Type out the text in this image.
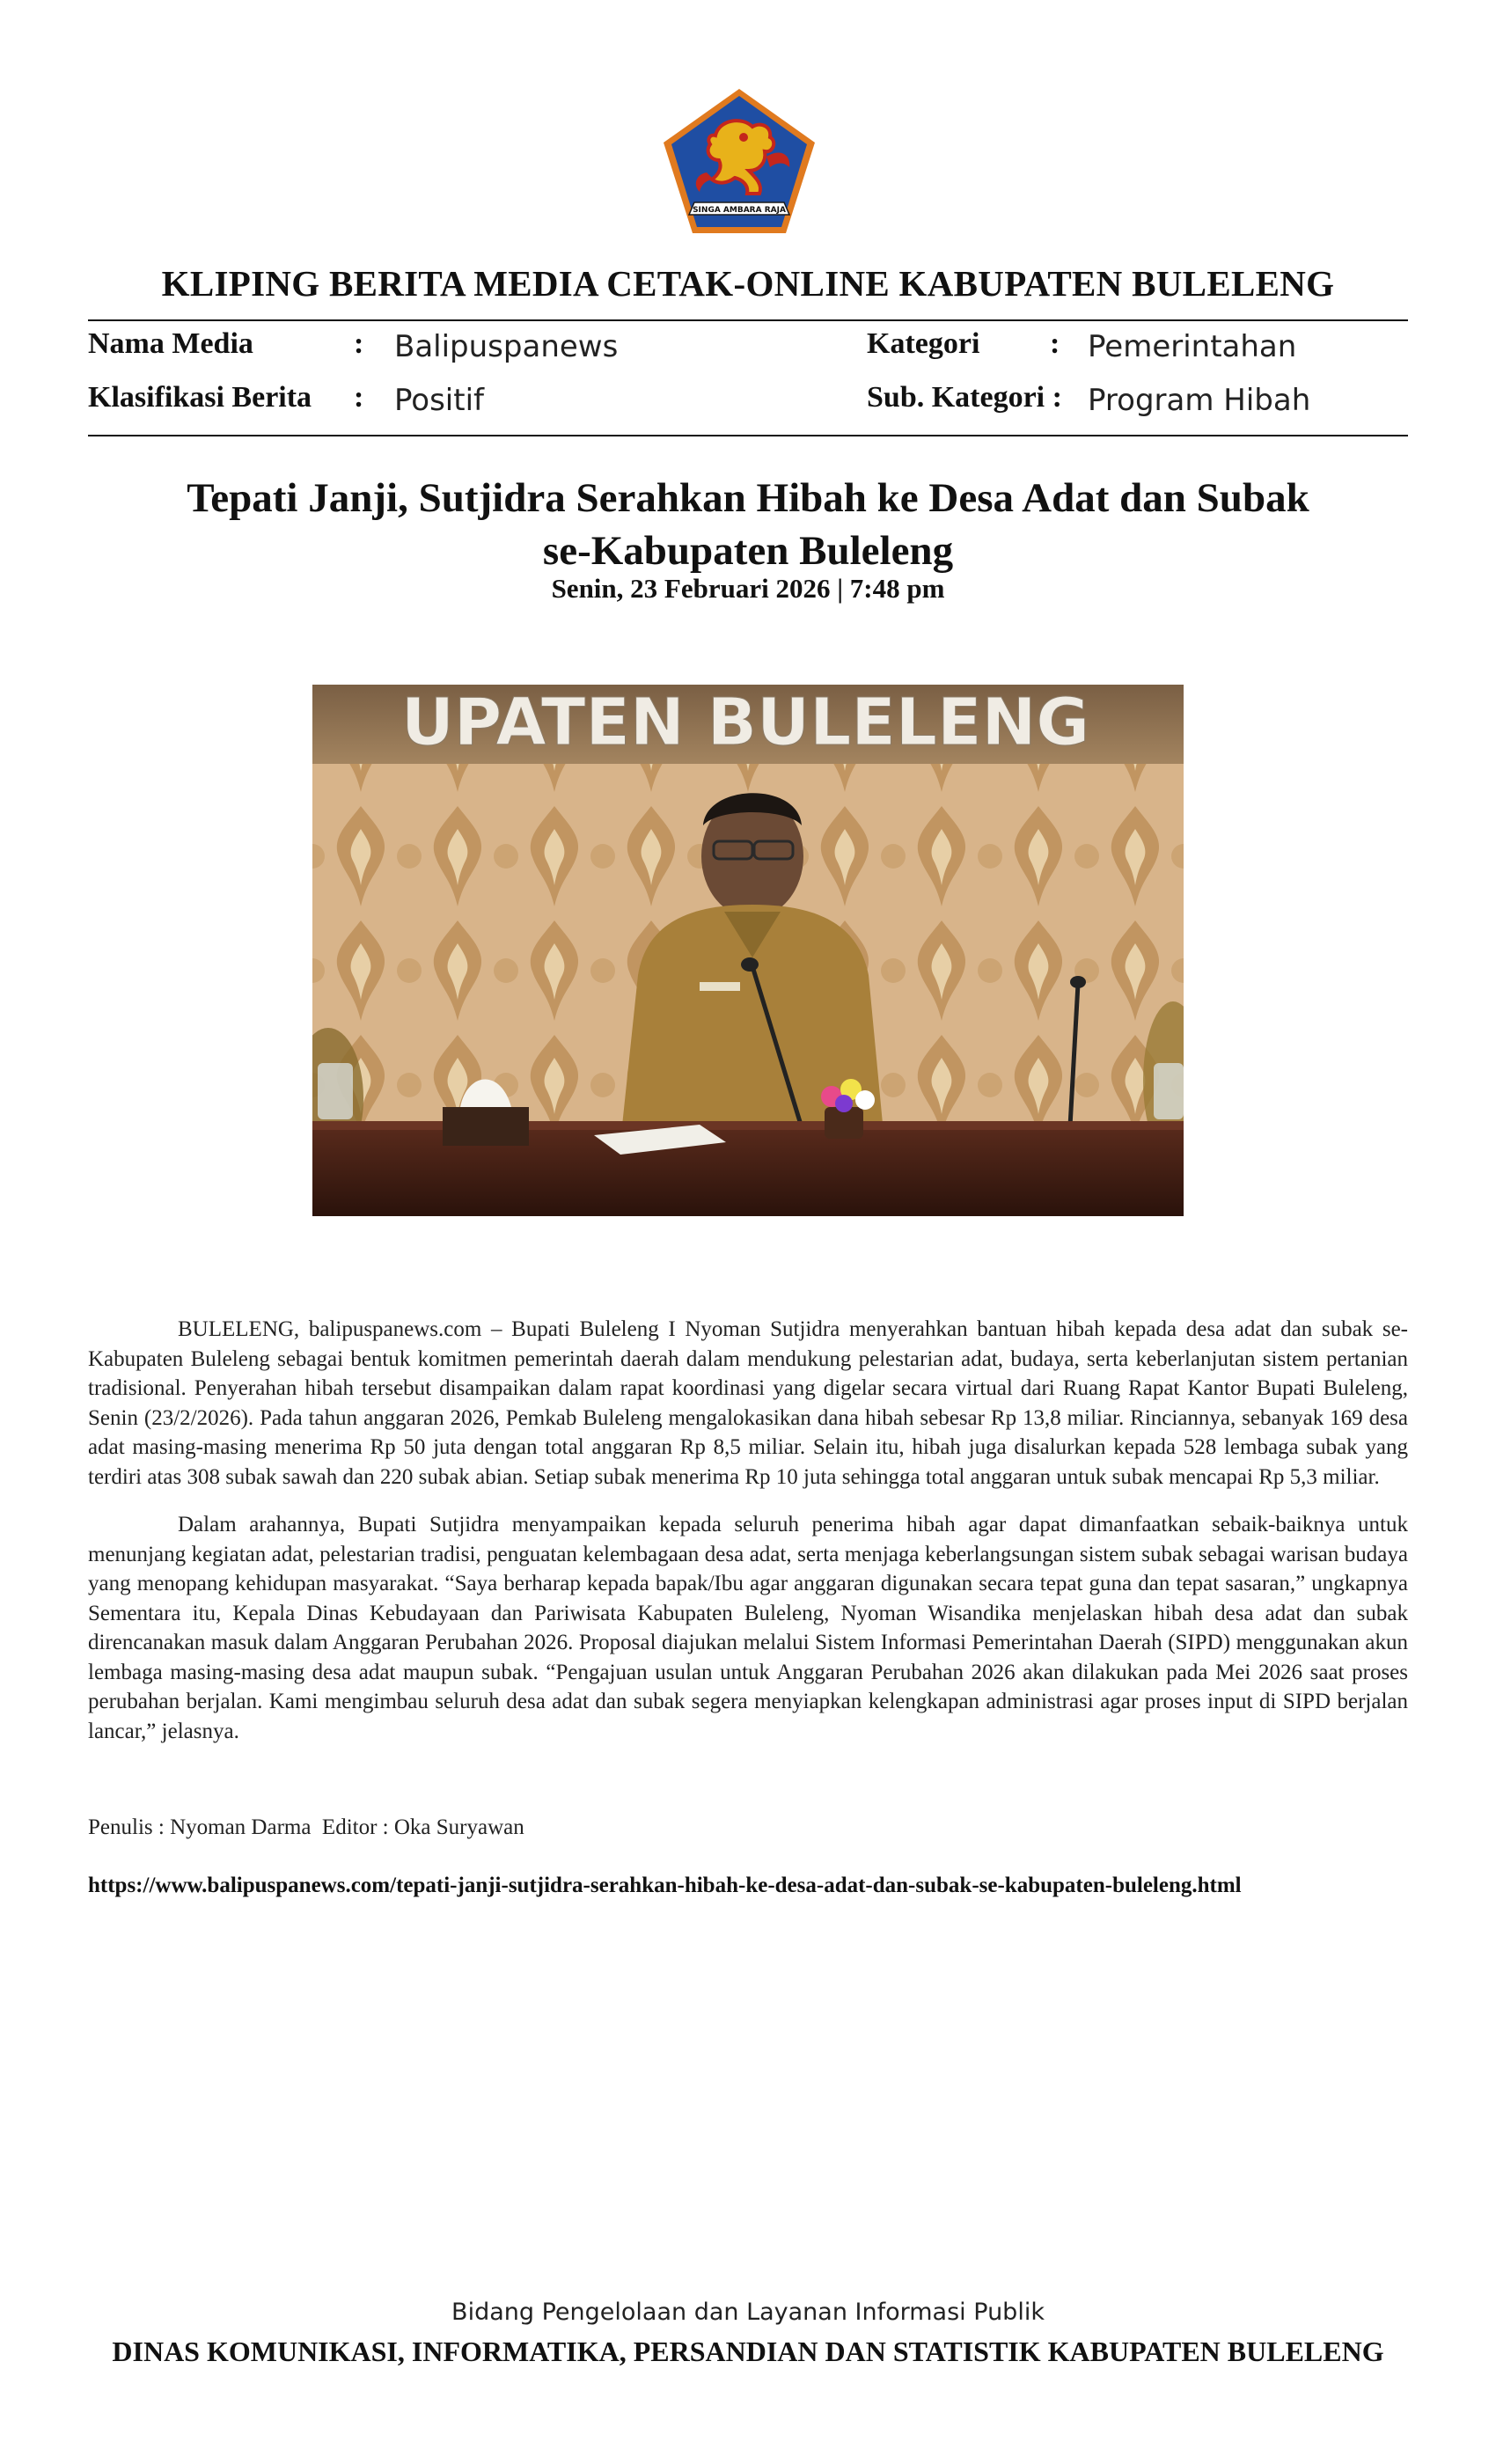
SINGA AMBARA RAJA
KLIPING BERITA MEDIA CETAK-ONLINE KABUPATEN BULELENG
Nama Media	: Balipuspanews	Kategori : Pemerintahan
Klasifikasi Berita : Positif	Sub. Kategori : Program Hibah
Tepati Janji, Sutjidra Serahkan Hibah ke Desa Adat dan Subak
se-Kabupaten Buleleng
Senin, 23 Februari 2026 | 7:48 pm
UPATEN BULELENG

BULELENG, balipuspanews.com – Bupati Buleleng I Nyoman Sutjidra menyerahkan bantuan hibah kepada desa adat dan subak se-Kabupaten Buleleng sebagai bentuk komitmen pemerintah daerah dalam mendukung pelestarian adat, budaya, serta keberlanjutan sistem pertanian tradisional. Penyerahan hibah tersebut disampaikan dalam rapat koordinasi yang digelar secara virtual dari Ruang Rapat Kantor Bupati Buleleng, Senin (23/2/2026). Pada tahun anggaran 2026, Pemkab Buleleng mengalokasikan dana hibah sebesar Rp 13,8 miliar. Rinciannya, sebanyak 169 desa adat masing-masing menerima Rp 50 juta dengan total anggaran Rp 8,5 miliar. Selain itu, hibah juga disalurkan kepada 528 lembaga subak yang terdiri atas 308 subak sawah dan 220 subak abian. Setiap subak menerima Rp 10 juta sehingga total anggaran untuk subak mencapai Rp 5,3 miliar.

Dalam arahannya, Bupati Sutjidra menyampaikan kepada seluruh penerima hibah agar dapat dimanfaatkan sebaik-baiknya untuk menunjang kegiatan adat, pelestarian tradisi, penguatan kelembagaan desa adat, serta menjaga keberlangsungan sistem subak sebagai warisan budaya yang menopang kehidupan masyarakat. “Saya berharap kepada bapak/Ibu agar anggaran digunakan secara tepat guna dan tepat sasaran,” ungkapnya Sementara itu, Kepala Dinas Kebudayaan dan Pariwisata Kabupaten Buleleng, Nyoman Wisandika menjelaskan hibah desa adat dan subak direncanakan masuk dalam Anggaran Perubahan 2026. Proposal diajukan melalui Sistem Informasi Pemerintahan Daerah (SIPD) menggunakan akun lembaga masing-masing desa adat maupun subak. “Pengajuan usulan untuk Anggaran Perubahan 2026 akan dilakukan pada Mei 2026 saat proses perubahan berjalan. Kami mengimbau seluruh desa adat dan subak segera menyiapkan kelengkapan administrasi agar proses input di SIPD berjalan lancar,” jelasnya.

Penulis : Nyoman Darma  Editor : Oka Suryawan
https://www.balipuspanews.com/tepati-janji-sutjidra-serahkan-hibah-ke-desa-adat-dan-subak-se-kabupaten-buleleng.html
Bidang Pengelolaan dan Layanan Informasi Publik
DINAS KOMUNIKASI, INFORMATIKA, PERSANDIAN DAN STATISTIK KABUPATEN BULELENG
